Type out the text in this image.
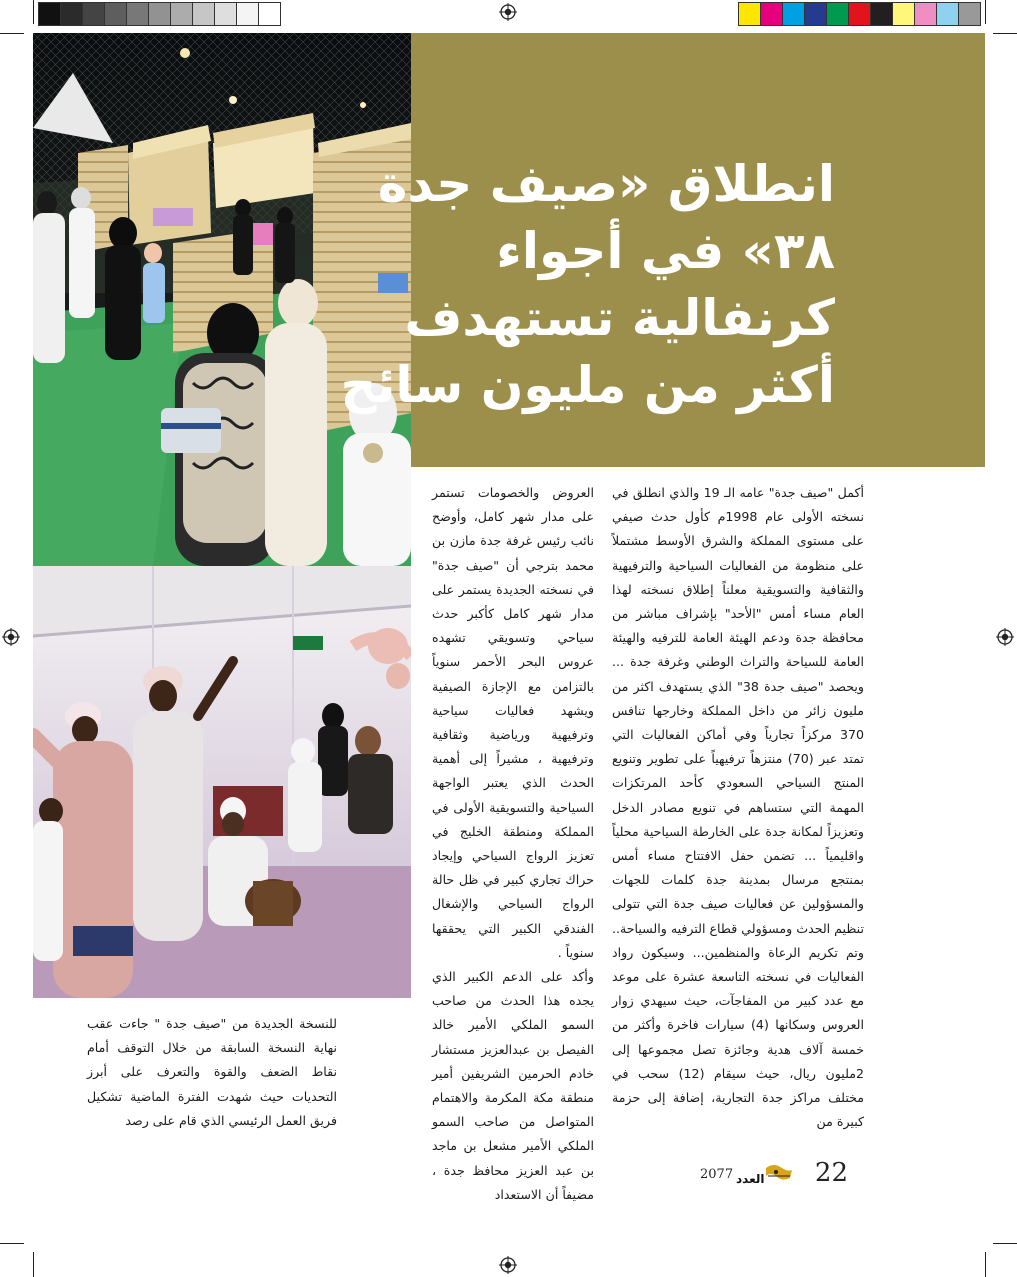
انطلاق «صيف جدة
٣٨» في أجواء
كرنفالية تستهدف
أكثر من مليون سائح

أكمل "صيف جدة" عامه الـ 19 والذي انطلق في نسخته الأولى عام 1998م كأول حدث صيفي على مستوى المملكة والشرق الأوسط مشتملاً على منظومة من الفعاليات السياحية والترفيهية والثقافية والتسويقية معلناً إطلاق نسخته لهذا العام مساء أمس "الأحد" بإشراف مباشر من محافظة جدة ودعم الهيئة العامة للترفيه والهيئة العامة للسياحة والتراث الوطني وغرفة جدة ... ويحصد "صيف جدة 38" الذي يستهدف اكثر من مليون زائر من داخل المملكة وخارجها تنافس 370 مركزاً تجارياً وفي أماكن الفعاليات التي تمتد عبر (70) منتزهاً ترفيهياً على تطوير وتنويع المنتج السياحي السعودي كأحد المرتكزات المهمة التي ستساهم في تنويع مصادر الدخل وتعزيزاً لمكانة جدة على الخارطة السياحية محلياً واقليمياً ... تضمن حفل الافتتاح مساء أمس بمنتجع مرسال بمدينة جدة كلمات للجهات والمسؤولين عن فعاليات صيف جدة التي تتولى تنظيم الحدث ومسؤولي قطاع الترفيه والسياحة.. وتم تكريم الرعاة والمنظمين... وسيكون رواد الفعاليات في نسخته التاسعة عشرة على موعد مع عدد كبير من المفاجآت، حيث سيهدي زوار العروس وسكانها (4) سيارات فاخرة وأكثر من خمسة آلاف هدية وجائزة تصل مجموعها إلى 2مليون ريال، حيث سيقام (12) سحب في مختلف مراكز جدة التجارية، إضافة إلى حزمة كبيرة من

العروض والخصومات تستمر على مدار شهر كامل، وأوضح نائب رئيس غرفة جدة مازن بن محمد بترجي أن "صيف جدة" في نسخته الجديدة يستمر على مدار شهر كامل كأكبر حدث سياحي وتسويقي تشهده عروس البحر الأحمر سنوياً بالتزامن مع الإجازة الصيفية ويشهد فعاليات سياحية وترفيهية ورياضية وثقافية وترفيهية ، مشيراً إلى أهمية الحدث الذي يعتبر الواجهة السياحية والتسويقية الأولى في المملكة ومنطقة الخليج في تعزيز الرواج السياحي وإيجاد حراك تجاري كبير في ظل حالة الرواج السياحي والإشغال الفندقي الكبير التي يحققها سنوياً .

وأكد على الدعم الكبير الذي يجده هذا الحدث من صاحب السمو الملكي الأمير خالد الفيصل بن عبدالعزيز مستشار خادم الحرمين الشريفين أمير منطقة مكة المكرمة والاهتمام المتواصل من صاحب السمو الملكي الأمير مشعل بن ماجد بن عبد العزيز محافظ جدة ، مضيفاً أن الاستعداد

للنسخة الجديدة من "صيف جدة " جاءت عقب نهاية النسخة السابقة من خلال التوقف أمام نقاط الضعف والقوة والتعرف على أبرز التحديات حيث شهدت الفترة الماضية تشكيل فريق العمل الرئيسي الذي قام على رصد

2077 العدد 22
